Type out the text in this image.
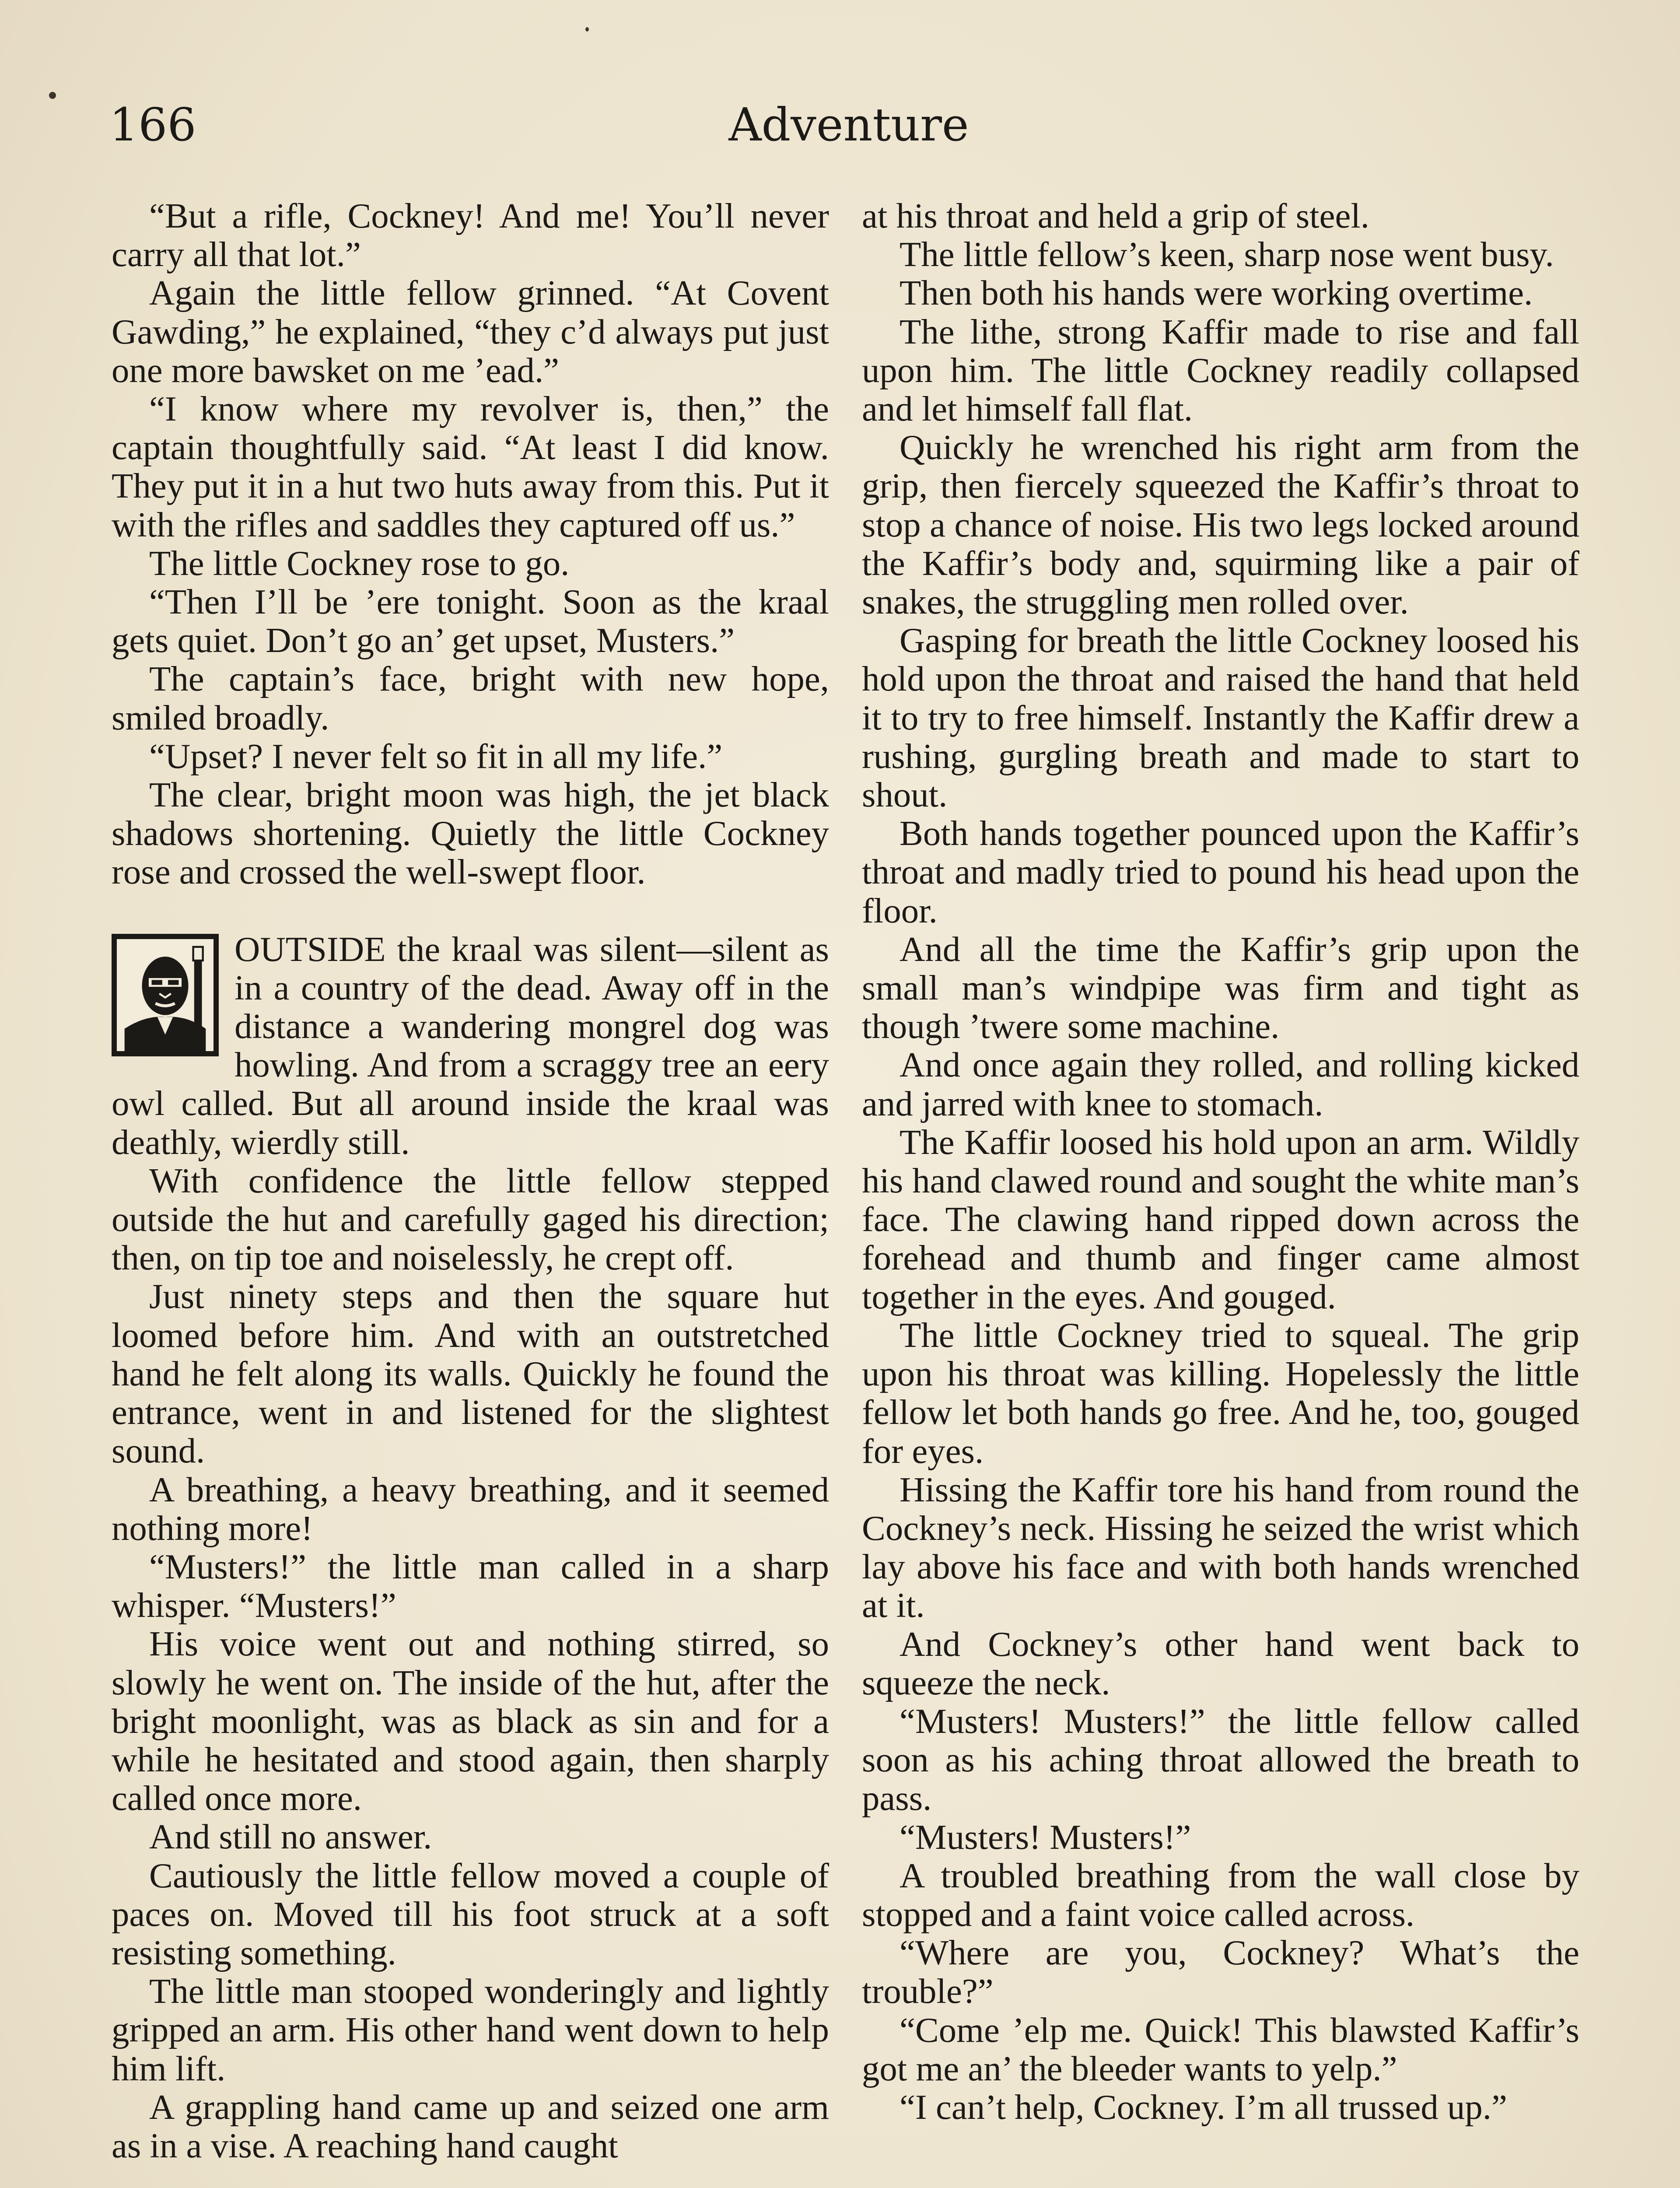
166	Adventure

“But a rifle, Cockney! And me! You’ll never carry all that lot.”

Again the little fellow grinned. “At Covent Gawding,” he explained, “they c’d always put just one more bawsket on me ’ead.”

“I know where my revolver is, then,” the captain thoughtfully said. “At least I did know. They put it in a hut two huts away from this. Put it with the rifles and saddles they captured off us.”

The little Cockney rose to go.

“Then I’ll be ’ere tonight. Soon as the kraal gets quiet. Don’t go an’ get upset, Musters.”

The captain’s face, bright with new hope, smiled broadly.

“Upset? I never felt so fit in all my life.”

The clear, bright moon was high, the jet black shadows shortening. Quietly the little Cockney rose and crossed the well-swept floor.

OUTSIDE the kraal was silent—silent as in a country of the dead. Away off in the distance a wandering mongrel dog was howling. And from a scraggy tree an eery owl called. But all around inside the kraal was deathly, wierdly still.

With confidence the little fellow stepped outside the hut and carefully gaged his direction; then, on tip toe and noiselessly, he crept off.

Just ninety steps and then the square hut loomed before him. And with an outstretched hand he felt along its walls. Quickly he found the entrance, went in and listened for the slightest sound.

A breathing, a heavy breathing, and it seemed nothing more!

“Musters!” the little man called in a sharp whisper. “Musters!”

His voice went out and nothing stirred, so slowly he went on. The inside of the hut, after the bright moonlight, was as black as sin and for a while he hesitated and stood again, then sharply called once more.

And still no answer.

Cautiously the little fellow moved a couple of paces on. Moved till his foot struck at a soft resisting something.

The little man stooped wonderingly and lightly gripped an arm. His other hand went down to help him lift.

A grappling hand came up and seized one arm as in a vise. A reaching hand caught

at his throat and held a grip of steel.

The little fellow’s keen, sharp nose went busy.

Then both his hands were working overtime.

The lithe, strong Kaffir made to rise and fall upon him. The little Cockney readily collapsed and let himself fall flat.

Quickly he wrenched his right arm from the grip, then fiercely squeezed the Kaffir’s throat to stop a chance of noise. His two legs locked around the Kaffir’s body and, squirming like a pair of snakes, the struggling men rolled over.

Gasping for breath the little Cockney loosed his hold upon the throat and raised the hand that held it to try to free himself. Instantly the Kaffir drew a rushing, gurgling breath and made to start to shout.

Both hands together pounced upon the Kaffir’s throat and madly tried to pound his head upon the floor.

And all the time the Kaffir’s grip upon the small man’s windpipe was firm and tight as though ’twere some machine.

And once again they rolled, and rolling kicked and jarred with knee to stomach.

The Kaffir loosed his hold upon an arm. Wildly his hand clawed round and sought the white man’s face. The clawing hand ripped down across the forehead and thumb and finger came almost together in the eyes. And gouged.

The little Cockney tried to squeal. The grip upon his throat was killing. Hopelessly the little fellow let both hands go free. And he, too, gouged for eyes.

Hissing the Kaffir tore his hand from round the Cockney’s neck. Hissing he seized the wrist which lay above his face and with both hands wrenched at it.

And Cockney’s other hand went back to squeeze the neck.

“Musters! Musters!” the little fellow called soon as his aching throat allowed the breath to pass.

“Musters! Musters!”

A troubled breathing from the wall close by stopped and a faint voice called across.

“Where are you, Cockney? What’s the trouble?”

“Come ’elp me. Quick! This blawsted Kaffir’s got me an’ the bleeder wants to yelp.”

“I can’t help, Cockney. I’m all trussed up.”
